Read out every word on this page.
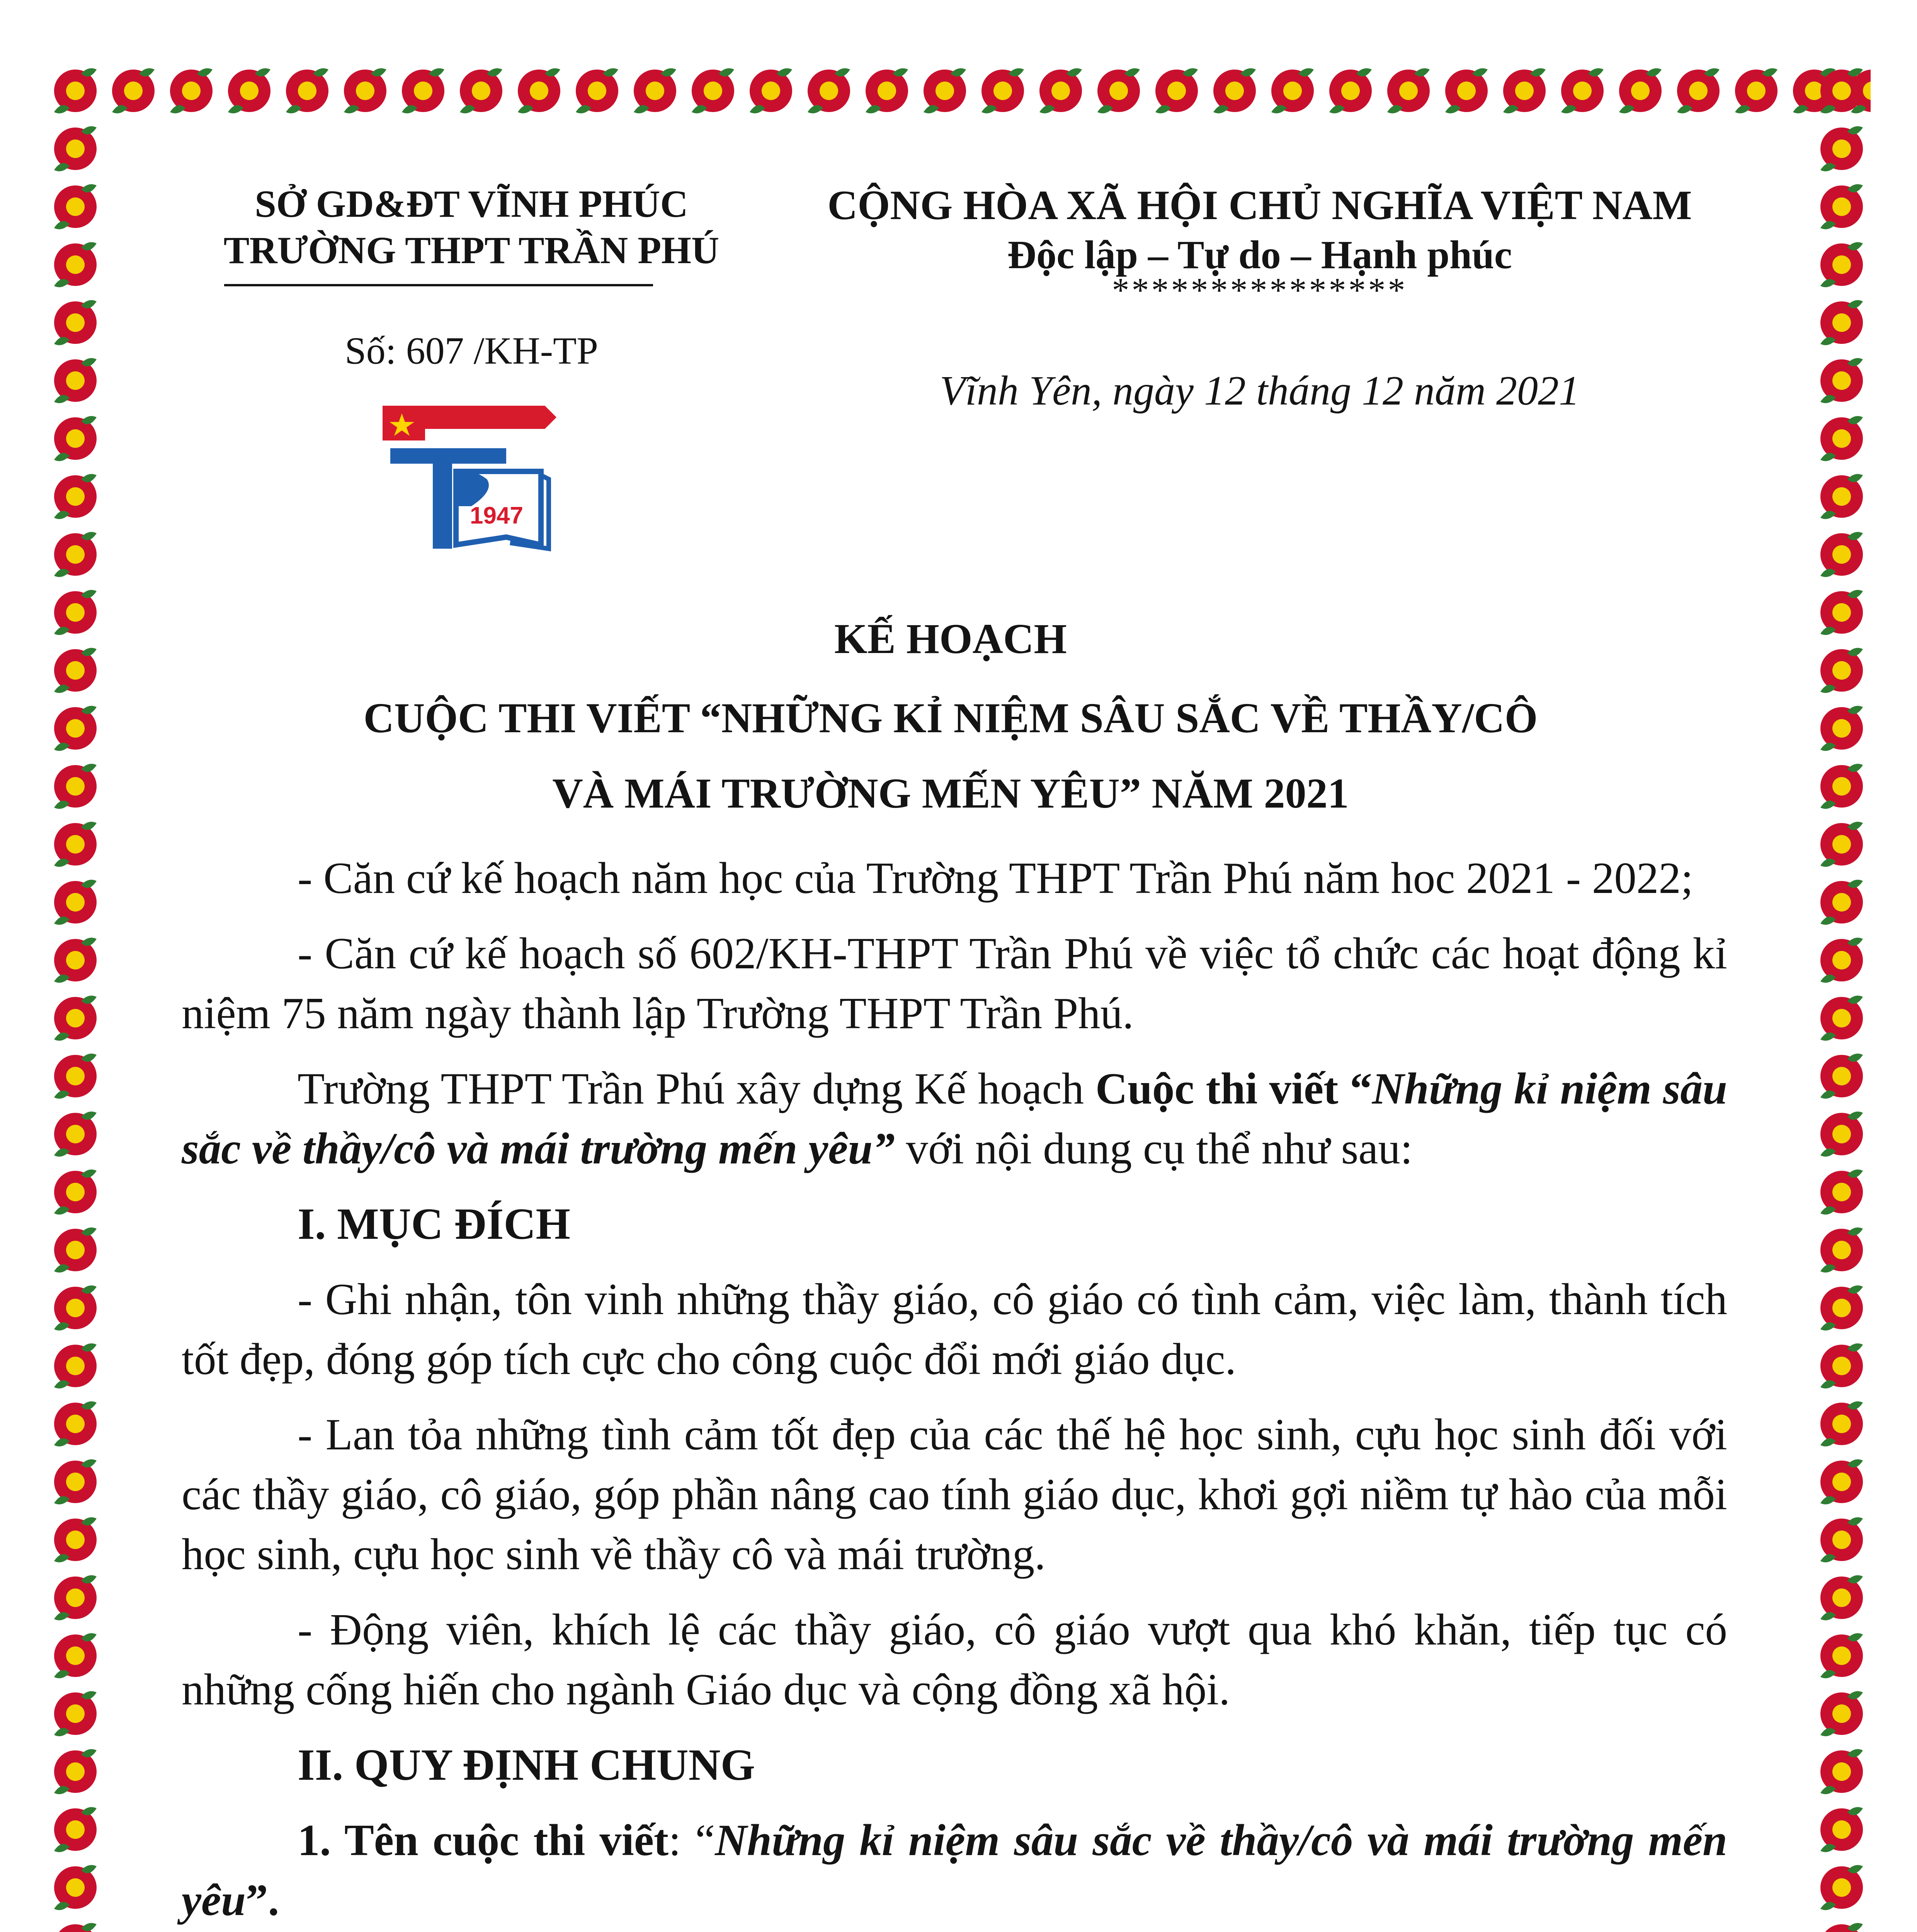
SỞ GD&ĐT VĨNH PHÚC
TRƯỜNG THPT TRẦN PHÚ
Số: 607 /KH-TP
1947
CỘNG HÒA XÃ HỘI CHỦ NGHĨA VIỆT NAM
Độc lập – Tự do – Hạnh phúc
***************
Vĩnh Yên, ngày 12 tháng 12 năm 2021
KẾ HOẠCH
CUỘC THI VIẾT “NHỮNG KỈ NIỆM SÂU SẮC VỀ THẦY/CÔ
VÀ MÁI TRƯỜNG MẾN YÊU” NĂM 2021

- Căn cứ kế hoạch năm học của Trường THPT Trần Phú năm hoc 2021 - 2022;

- Căn cứ kế hoạch số 602/KH-THPT Trần Phú về việc tổ chức các hoạt động kỉ niệm 75 năm ngày thành lập Trường THPT Trần Phú.

Trường THPT Trần Phú xây dựng Kế hoạch Cuộc thi viết “Những kỉ niệm sâu sắc về thầy/cô và mái trường mến yêu” với nội dung cụ thể như sau:

I. MỤC ĐÍCH

- Ghi nhận, tôn vinh những thầy giáo, cô giáo có tình cảm, việc làm, thành tích tốt đẹp, đóng góp tích cực cho công cuộc đổi mới giáo dục.

- Lan tỏa những tình cảm tốt đẹp của các thế hệ học sinh, cựu học sinh đối với các thầy giáo, cô giáo, góp phần nâng cao tính giáo dục, khơi gợi niềm tự hào của mỗi học sinh, cựu học sinh về thầy cô và mái trường.

- Động viên, khích lệ các thầy giáo, cô giáo vượt qua khó khăn, tiếp tục có những cống hiến cho ngành Giáo dục và cộng đồng xã hội.

II. QUY ĐỊNH CHUNG

1. Tên cuộc thi viết: “Những kỉ niệm sâu sắc về thầy/cô và mái trường mến yêu”.
